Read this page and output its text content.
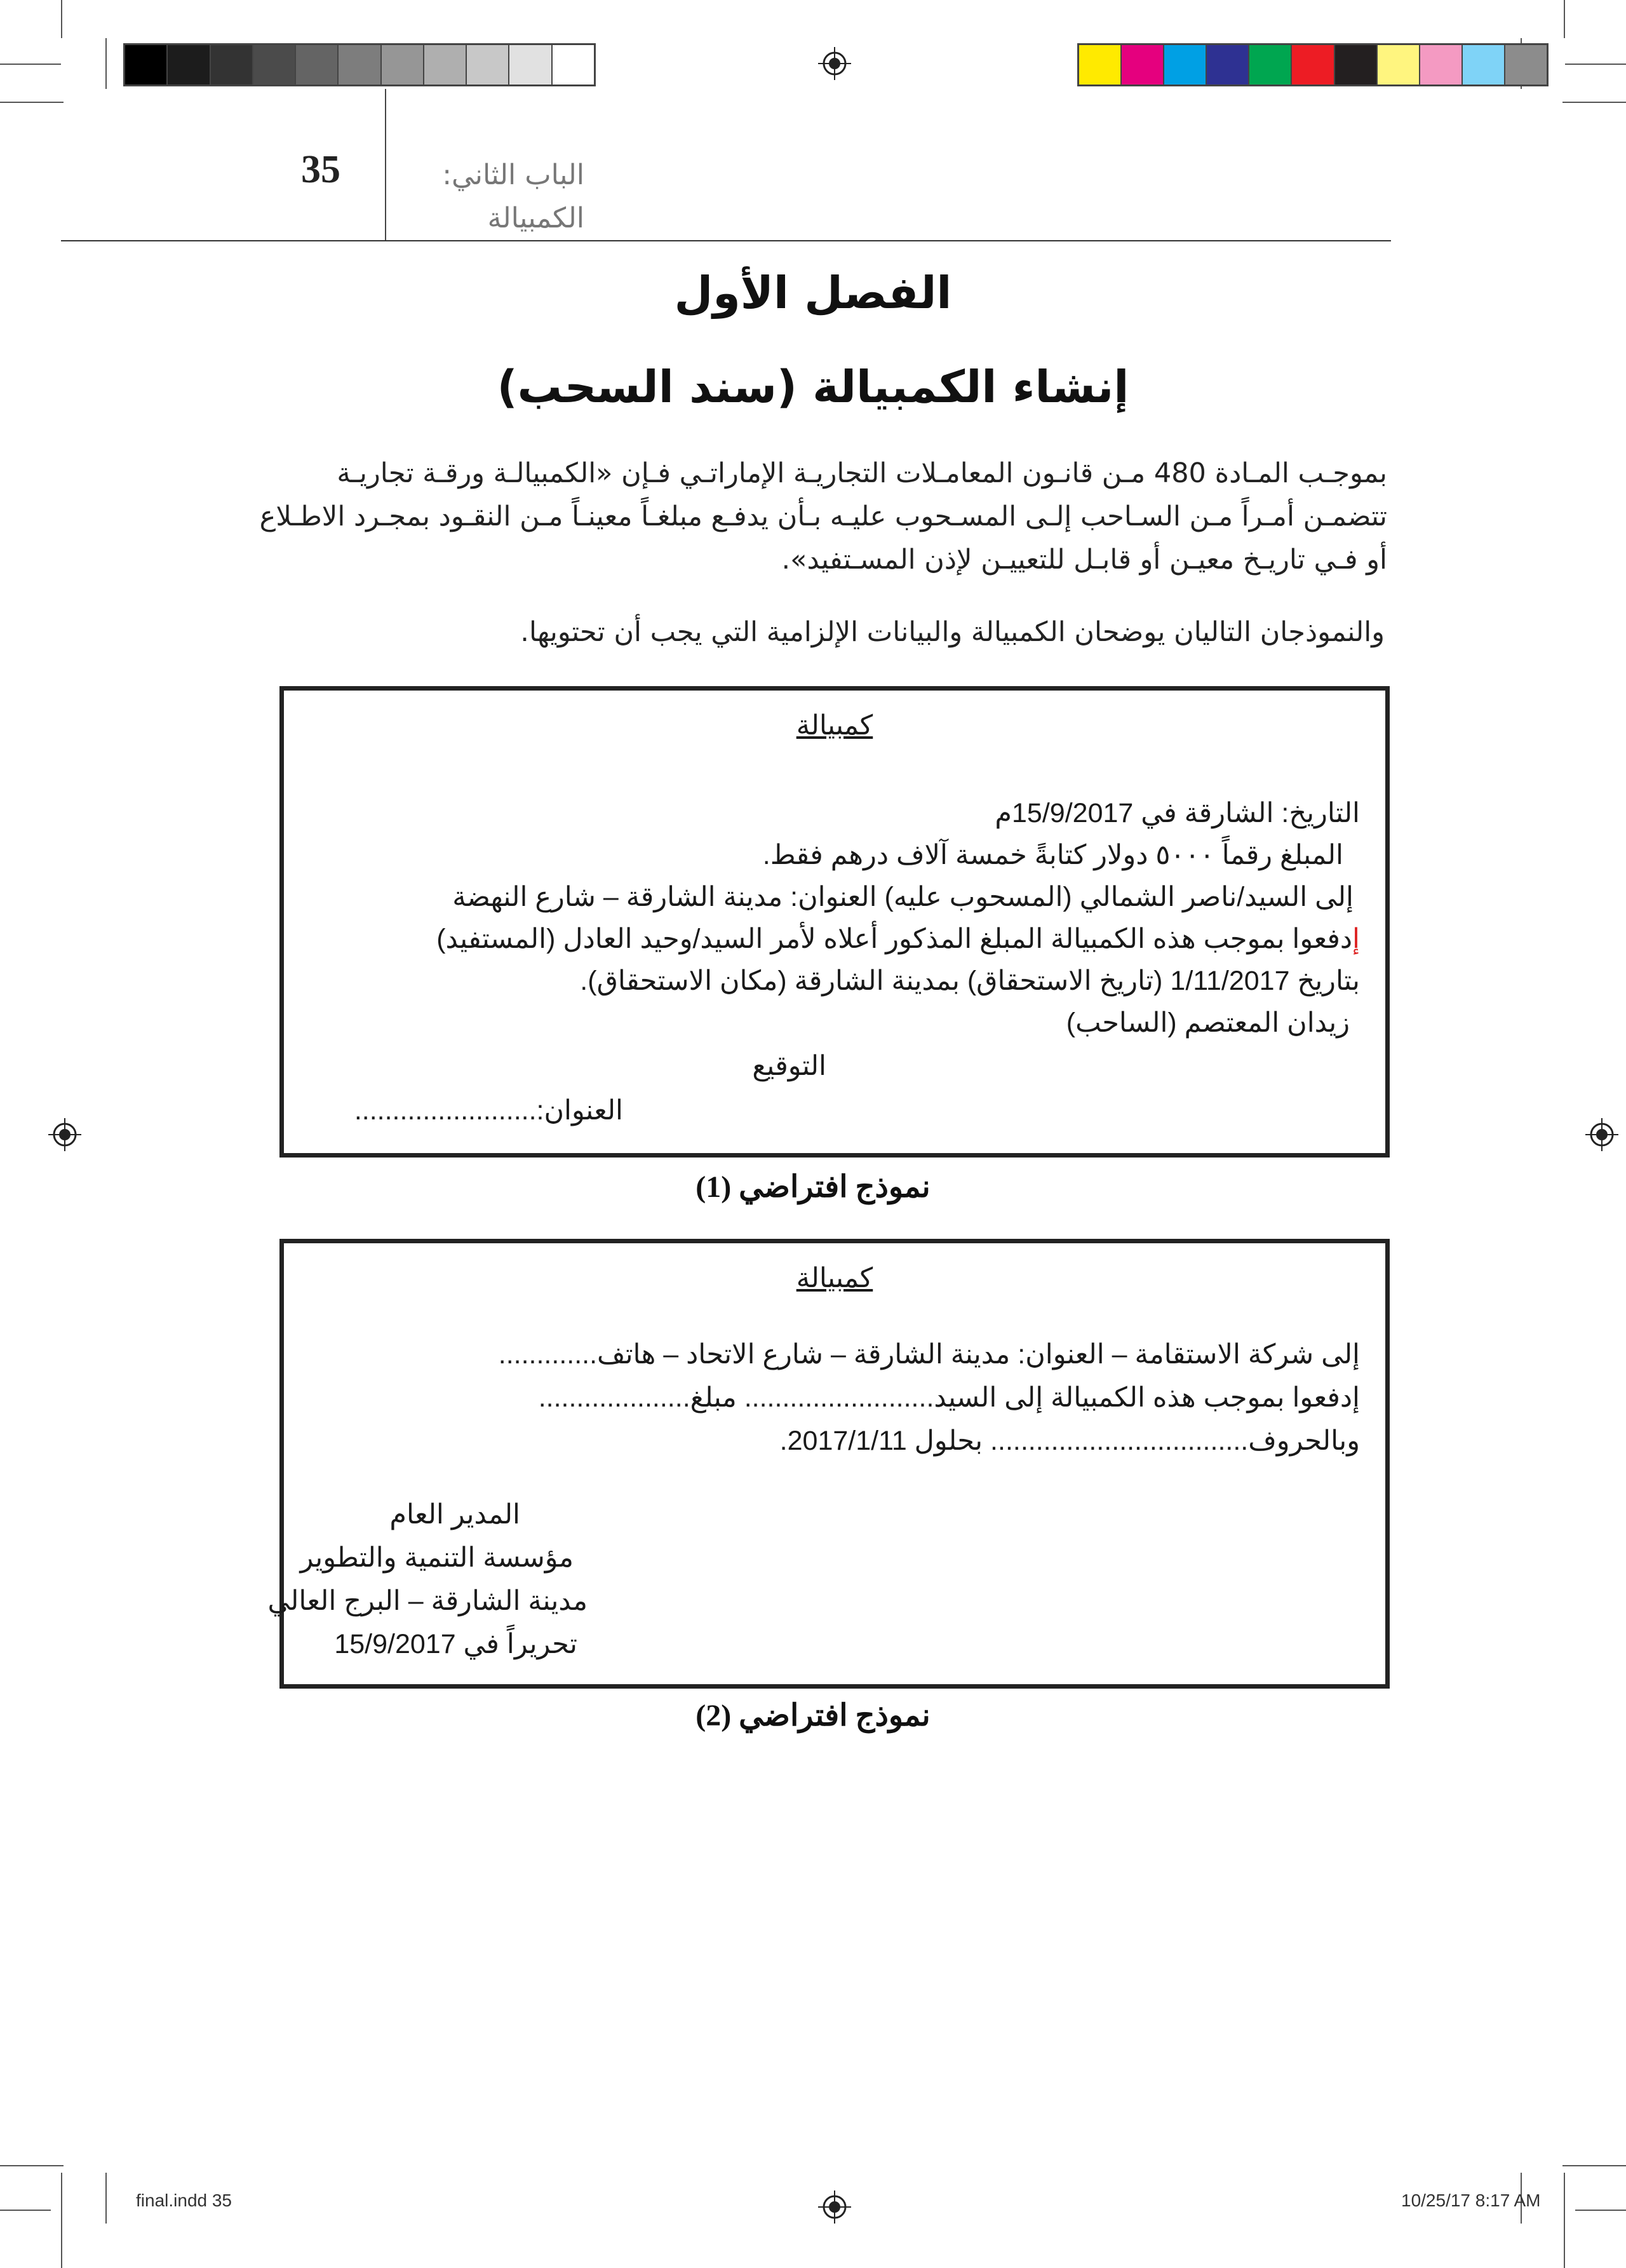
35	الباب الثاني:
الكمبيالة
الفصل الأول
إنشاء الكمبيالة (سند السحب)
بموجـب المـادة 480 مـن قانـون المعامـلات التجاريـة الإماراتـي فـإن «الكمبيالـة ورقـة تجاريـة
تتضمـن أمـراً مـن السـاحب إلـى المسـحوب عليـه بـأن يدفـع مبلغـاً معينـاً مـن النقـود بمجـرد الاطـلاع
أو فـي تاريـخ معيـن أو قابـل للتعييـن لإذن المسـتفيد».
والنموذجان التاليان يوضحان الكمبيالة والبيانات الإلزامية التي يجب أن تحتويها.
كمبيالة
التاريخ: الشارقة في 15/9/2017م
المبلغ رقماً ٥٠٠٠ دولار كتابةً خمسة آلاف درهم فقط.
إلى السيد/ناصر الشمالي (المسحوب عليه) العنوان: مدينة الشارقة – شارع النهضة
إدفعوا بموجب هذه الكمبيالة المبلغ المذكور أعلاه لأمر السيد/وحيد العادل (المستفيد)
بتاريخ 1/11/2017 (تاريخ الاستحقاق) بمدينة الشارقة (مكان الاستحقاق).
زيدان المعتصم (الساحب)
التوقيع
العنوان:........................
نموذج افتراضي (1)
كمبيالة
إلى شركة الاستقامة – العنوان: مدينة الشارقة – شارع الاتحاد – هاتف.............
إدفعوا بموجب هذه الكمبيالة إلى السيد......................... مبلغ....................
وبالحروف.................................. بحلول 2017/1/11.
المدير العام
مؤسسة التنمية والتطوير
مدينة الشارقة – البرج العالي
تحريراً في 15/9/2017
نموذج افتراضي (2)
final.indd 35	10/25/17 8:17 AM
